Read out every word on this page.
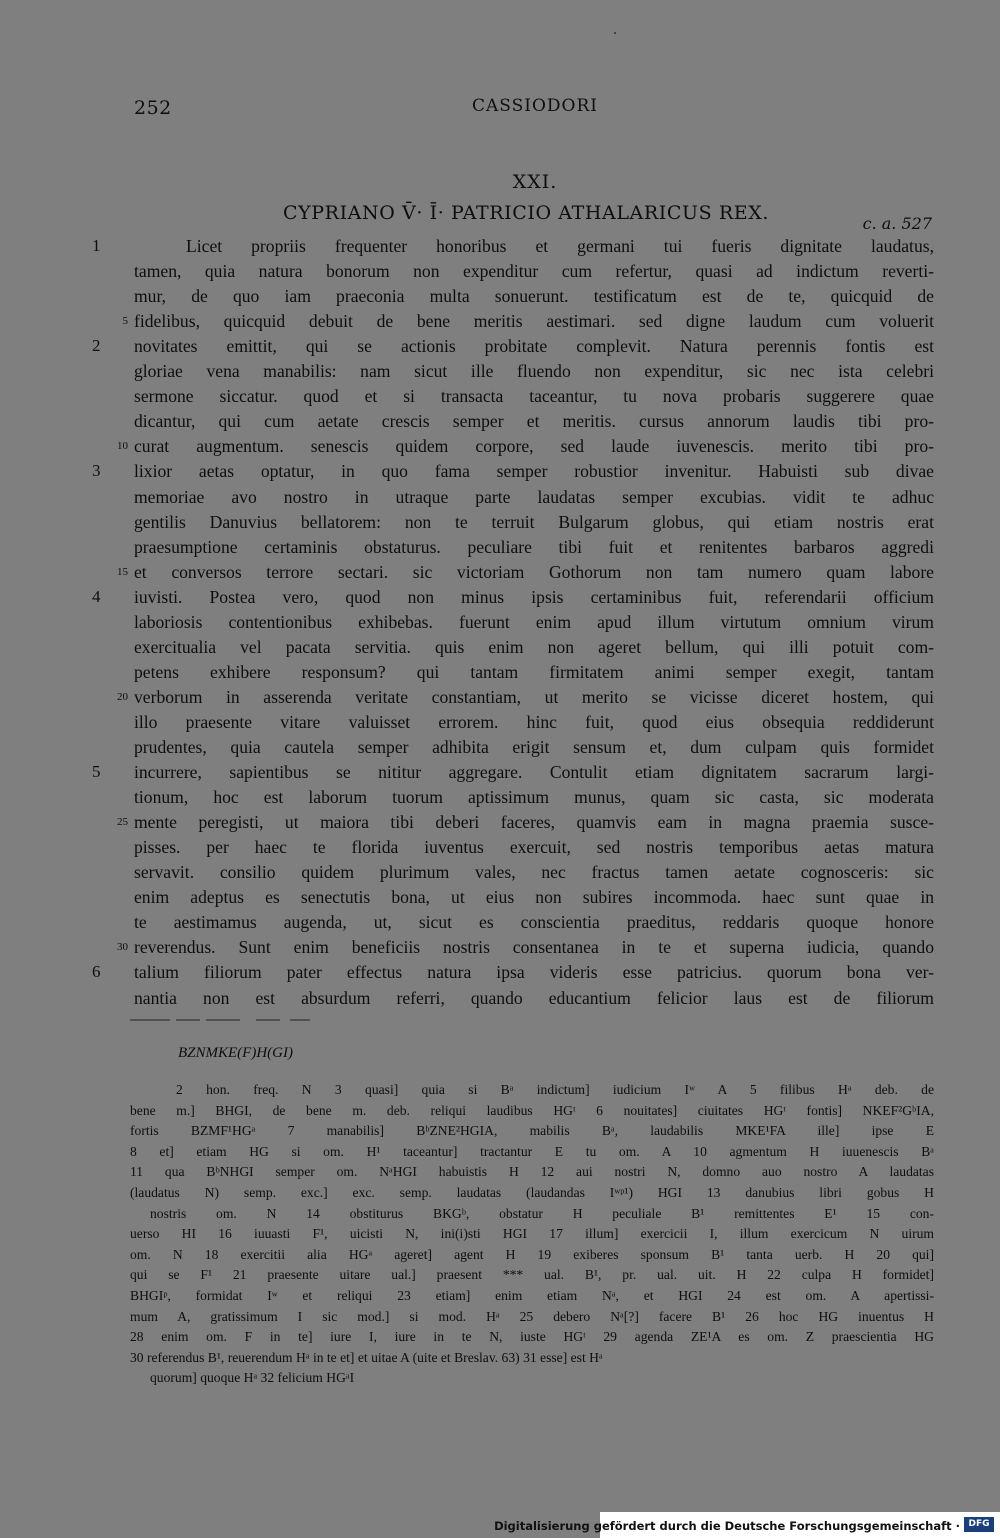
252	CASSIODORI
XXI.
CYPRIANO V̄· Ī· PATRICIO ATHALARICUS REX.	c. a. 527
Licet propriis frequenter honoribus et germani tui fueris dignitate laudatus,
tamen, quia natura bonorum non expenditur cum refertur, quasi ad indictum reverti-
mur, de quo iam praeconia multa sonuerunt. testificatum est de te, quicquid de
fidelibus, quicquid debuit de bene meritis aestimari. sed digne laudum cum voluerit
novitates emittit, qui se actionis probitate complevit. Natura perennis fontis est
gloriae vena manabilis: nam sicut ille fluendo non expenditur, sic nec ista celebri
sermone siccatur. quod et si transacta taceantur, tu nova probaris suggerere quae
dicantur, qui cum aetate crescis semper et meritis. cursus annorum laudis tibi pro-
curat augmentum. senescis quidem corpore, sed laude iuvenescis. merito tibi pro-
lixior aetas optatur, in quo fama semper robustior invenitur. Habuisti sub divae
memoriae avo nostro in utraque parte laudatas semper excubias. vidit te adhuc
gentilis Danuvius bellatorem: non te terruit Bulgarum globus, qui etiam nostris erat
praesumptione certaminis obstaturus. peculiare tibi fuit et renitentes barbaros aggredi
et conversos terrore sectari. sic victoriam Gothorum non tam numero quam labore
iuvisti. Postea vero, quod non minus ipsis certaminibus fuit, referendarii officium
laboriosis contentionibus exhibebas. fuerunt enim apud illum virtutum omnium virum
exercitualia vel pacata servitia. quis enim non ageret bellum, qui illi potuit com-
petens exhibere responsum? qui tantam firmitatem animi semper exegit, tantam
verborum in asserenda veritate constantiam, ut merito se vicisse diceret hostem, qui
illo praesente vitare valuisset errorem. hinc fuit, quod eius obsequia reddiderunt
prudentes, quia cautela semper adhibita erigit sensum et, dum culpam quis formidet
incurrere, sapientibus se nititur aggregare. Contulit etiam dignitatem sacrarum largi-
tionum, hoc est laborum tuorum aptissimum munus, quam sic casta, sic moderata
mente peregisti, ut maiora tibi deberi faceres, quamvis eam in magna praemia susce-
pisses. per haec te florida iuventus exercuit, sed nostris temporibus aetas matura
servavit. consilio quidem plurimum vales, nec fractus tamen aetate cognosceris: sic
enim adeptus es senectutis bona, ut eius non subires incommoda. haec sunt quae in
te aestimamus augenda, ut, sicut es conscientia praeditus, reddaris quoque honore
reverendus. Sunt enim beneficiis nostris consentanea in te et superna iudicia, quando
talium filiorum pater effectus natura ipsa videris esse patricius. quorum bona ver-
nantia non est absurdum referri, quando educantium felicior laus est de filiorum
1
2
3
4
5
6
5
10
15
20
25
30
BZNMKE(F)H(GI)
2 hon. freq. N 3 quasi] quia si Bᵃ indictum] iudicium Iʷ A 5 filibus Hᵃ deb. de
bene m.] BHGI, de bene m. deb. reliqui laudibus HGᵗ 6 nouitates] ciuitates HGᵗ fontis] NKEF²GᵇIA,
fortis BZMF¹HGᵃ 7 manabilis] BᵇZNE²HGIA, mabilis Bᵃ, laudabilis MKE¹FA ille] ipse E
8 et] etiam HG si om. H¹ taceantur] tractantur E tu om. A 10 agmentum H iuuenescis Bᵃ
11 qua BᵇNHGI semper om. NᵃHGI habuistis H 12 aui nostri N, domno auo nostro A laudatas
(laudatus N) semp. exc.] exc. semp. laudatas (laudandas Iʷᵖ¹) HGI 13 danubius libri gobus H
nostris om. N 14 obstiturus BKGᵇ, obstatur H peculiale B¹ remittentes E¹ 15 con-
uerso HI 16 iuuasti F¹, uicisti N, ini(i)sti HGI 17 illum] exercicii I, illum exercicum N uirum
om. N 18 exercitii alia HGᵃ ageret] agent H 19 exiberes sponsum B¹ tanta uerb. H 20 qui]
qui se F¹ 21 praesente uitare ual.] praesent *** ual. B¹, pr. ual. uit. H 22 culpa H formidet]
BHGIᵖ, formidat Iʷ et reliqui 23 etiam] enim etiam Nᵃ, et HGI 24 est om. A apertissi-
mum A, gratissimum I sic mod.] si mod. Hᵃ 25 debero Nᵃ[?] facere B¹ 26 hoc HG inuentus H
28 enim om. F in te] iure I, iure in te N, iuste HGᵗ 29 agenda ZE¹A es om. Z praescientia HG
30 referendus B¹, reuerendum Hᵃ in te et] et uitae A (uite et Breslav. 63) 31 esse] est Hᵃ
quorum] quoque Hᵃ 32 felicium HGᵃI
Digitalisierung gefördert durch die Deutsche Forschungsgemeinschaft · DFG
